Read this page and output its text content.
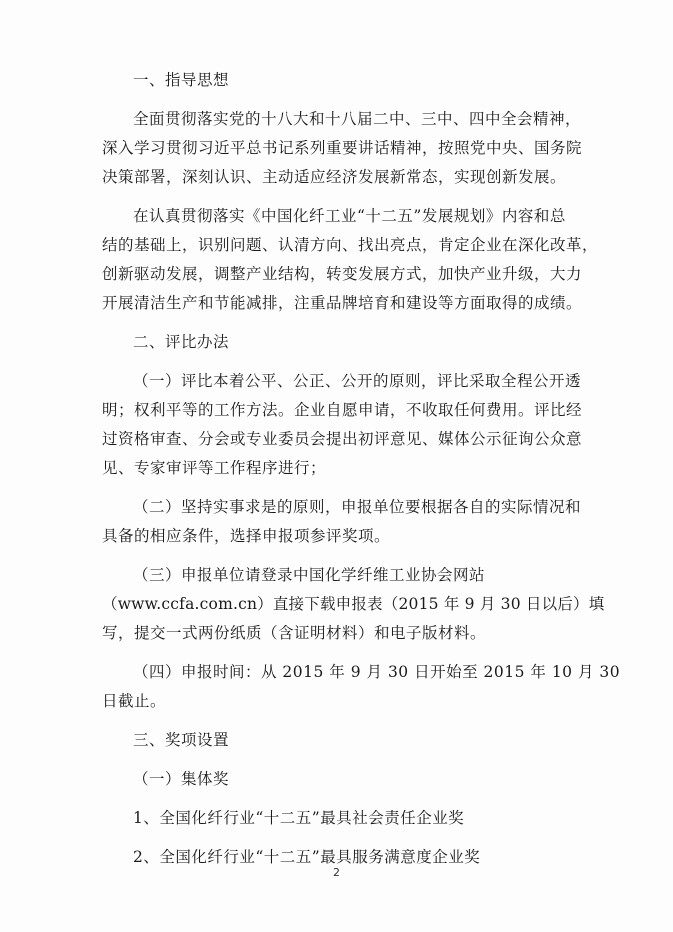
一、指导思想
全面贯彻落实党的十八大和十八届二中、三中、四中全会精神，
深入学习贯彻习近平总书记系列重要讲话精神，按照党中央、国务院
决策部署，深刻认识、主动适应经济发展新常态，实现创新发展。
在认真贯彻落实《中国化纤工业“十二五”发展规划》内容和总
结的基础上，识别问题、认清方向、找出亮点，肯定企业在深化改革，
创新驱动发展，调整产业结构，转变发展方式，加快产业升级，大力
开展清洁生产和节能减排，注重品牌培育和建设等方面取得的成绩。
二、评比办法
（一）评比本着公平、公正、公开的原则，评比采取全程公开透
明；权利平等的工作方法。企业自愿申请，不收取任何费用。评比经
过资格审查、分会或专业委员会提出初评意见、媒体公示征询公众意
见、专家审评等工作程序进行；
（二）坚持实事求是的原则，申报单位要根据各自的实际情况和
具备的相应条件，选择申报项参评奖项。
（三）申报单位请登录中国化学纤维工业协会网站
（www.ccfa.com.cn）直接下载申报表（2015 年 9 月 30 日以后）填
写，提交一式两份纸质（含证明材料）和电子版材料。
（四）申报时间：从 2015 年 9 月 30 日开始至 2015 年 10 月 30
日截止。
三、奖项设置
（一）集体奖
1、全国化纤行业“十二五”最具社会责任企业奖
2、全国化纤行业“十二五”最具服务满意度企业奖
2
